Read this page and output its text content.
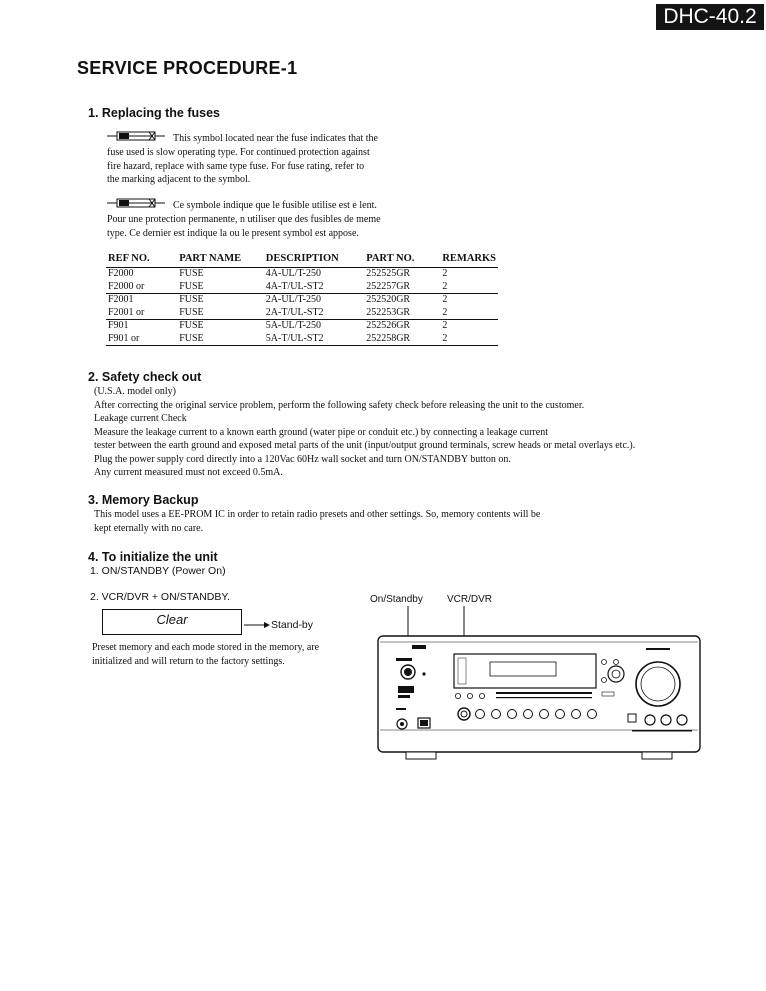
DHC-40.2
SERVICE PROCEDURE-1
1. Replacing the fuses
This symbol located near the fuse indicates that the
fuse used is slow operating type. For continued protection against
fire hazard, replace with same type fuse. For fuse rating, refer to
the marking adjacent to the symbol.
Ce symbole indique que le fusible utilise est e lent.
Pour une protection permanente, n utiliser que des fusibles de meme
type. Ce dernier est indique la ou le present symbol est appose.
REF NO.	PART NAME	DESCRIPTION	PART NO.	REMARKS
F2000	FUSE	4A-UL/T-250	252525GR	2
F2000 or	FUSE	4A-T/UL-ST2	252257GR	2
F2001	FUSE	2A-UL/T-250	252520GR	2
F2001 or	FUSE	2A-T/UL-ST2	252253GR	2
F901	FUSE	5A-UL/T-250	252526GR	2
F901 or	FUSE	5A-T/UL-ST2	252258GR	2
2. Safety check out
(U.S.A. model only)
After correcting the original service problem, perform the following safety check before releasing the unit to the customer.
Leakage current Check
Measure the leakage current to a known earth ground (water pipe or conduit etc.) by connecting a leakage current
tester between the earth ground and exposed metal parts of the unit (input/output ground terminals, screw heads or metal overlays etc.).
Plug the power supply cord directly into a 120Vac 60Hz wall socket and turn ON/STANDBY button on.
Any current measured must not exceed 0.5mA.
3. Memory Backup
This model uses a EE-PROM IC in order to retain radio presets and other settings. So, memory contents will be
kept eternally with no care.
4. To initialize the unit
1. ON/STANDBY (Power On)
2. VCR/DVR + ON/STANDBY.
Clear	Stand-by
Preset memory and each mode stored in the memory, are
initialized and will return to the factory settings.
On/Standby VCR/DVR
